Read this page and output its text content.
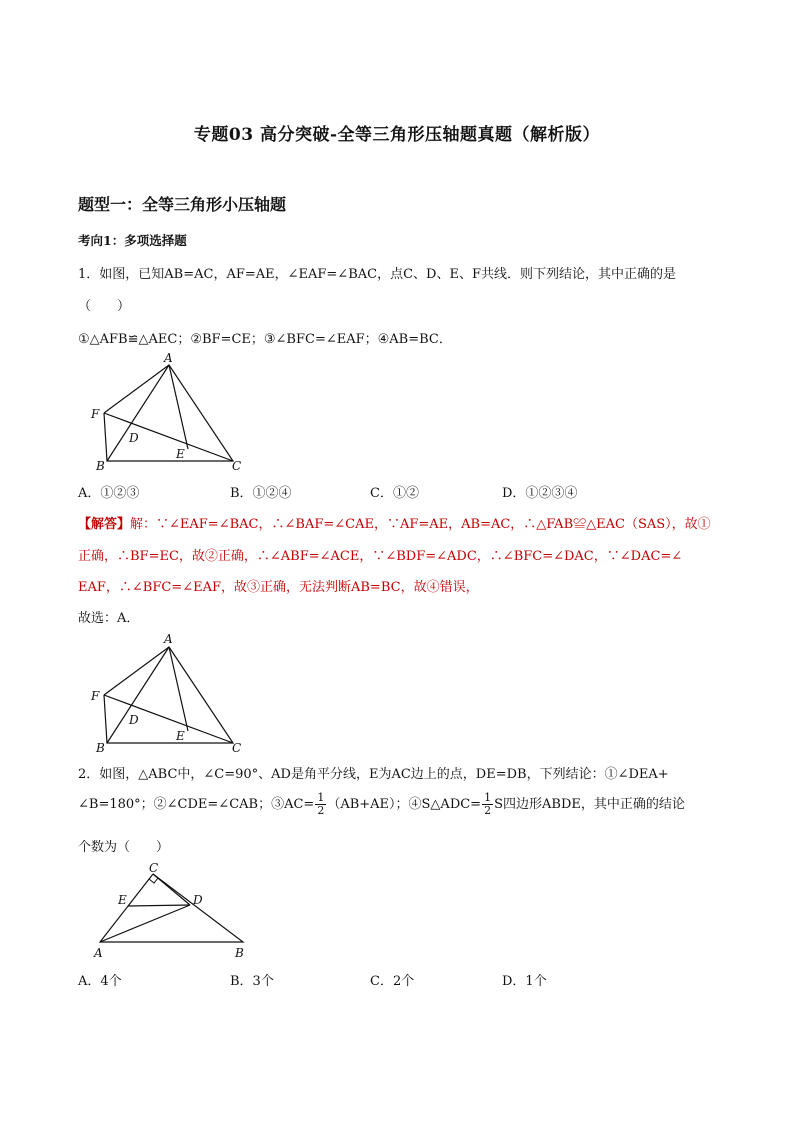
专题03 高分突破-全等三角形压轴题真题（解析版）
题型一：全等三角形小压轴题
考向1：多项选择题
1．如图，已知AB=AC，AF=AE，∠EAF=∠BAC，点C、D、E、F共线．则下列结论，其中正确的是
（　　）
①△AFB≌△AEC；②BF=CE；③∠BFC=∠EAF；④AB=BC．
A
F
D
E
B	C
A．①②③	B．①②④	C．①②	D．①②③④
【解答】解：∵∠EAF=∠BAC，∴∠BAF=∠CAE，∵AF=AE，AB=AC，∴△FAB≌△EAC（SAS），故①
正确，∴BF=EC，故②正确，∴∠ABF=∠ACE，∵∠BDF=∠ADC，∴∠BFC=∠DAC，∵∠DAC=∠
EAF，∴∠BFC=∠EAF，故③正确，无法判断AB=BC，故④错误，
故选：A．
A
F
D
E
B	C
2．如图，△ABC中，∠C=90°、AD是角平分线，E为AC边上的点，DE=DB，下列结论：①∠DEA+
∠B=180°；②∠CDE=∠CAB；③AC= $\frac{1}{2} (AB+AE)$；④S△ADC= $\frac{1}{2}$ S四边形ABDE，其中正确的结论
个数为（　　）
C
E	D
A	B
A．4个	B．3个	C．2个	D．1个
